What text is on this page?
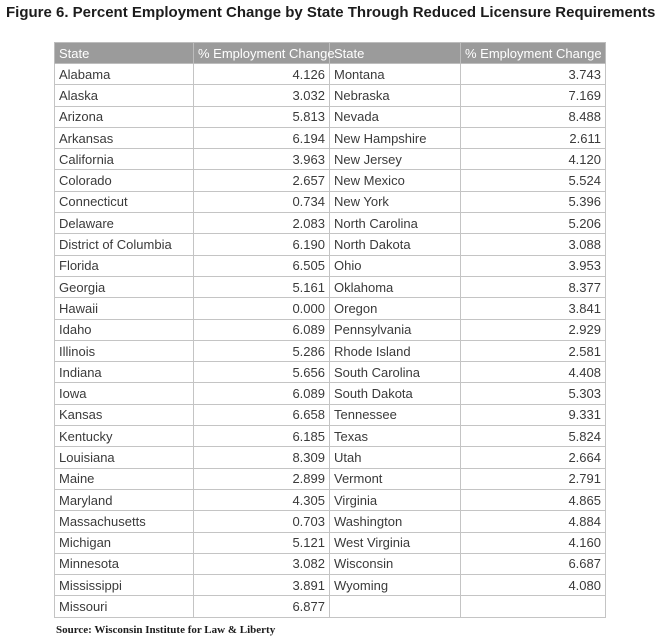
Figure 6. Percent Employment Change by State Through Reduced Licensure Requirements
State	% Employment Change	State	% Employment Change
Alabama	4.126	Montana	3.743
Alaska	3.032	Nebraska	7.169
Arizona	5.813	Nevada	8.488
Arkansas	6.194	New Hampshire	2.611
California	3.963	New Jersey	4.120
Colorado	2.657	New Mexico	5.524
Connecticut	0.734	New York	5.396
Delaware	2.083	North Carolina	5.206
District of Columbia	6.190	North Dakota	3.088
Florida	6.505	Ohio	3.953
Georgia	5.161	Oklahoma	8.377
Hawaii	0.000	Oregon	3.841
Idaho	6.089	Pennsylvania	2.929
Illinois	5.286	Rhode Island	2.581
Indiana	5.656	South Carolina	4.408
Iowa	6.089	South Dakota	5.303
Kansas	6.658	Tennessee	9.331
Kentucky	6.185	Texas	5.824
Louisiana	8.309	Utah	2.664
Maine	2.899	Vermont	2.791
Maryland	4.305	Virginia	4.865
Massachusetts	0.703	Washington	4.884
Michigan	5.121	West Virginia	4.160
Minnesota	3.082	Wisconsin	6.687
Mississippi	3.891	Wyoming	4.080
Missouri	6.877		
Source: Wisconsin Institute for Law & Liberty
